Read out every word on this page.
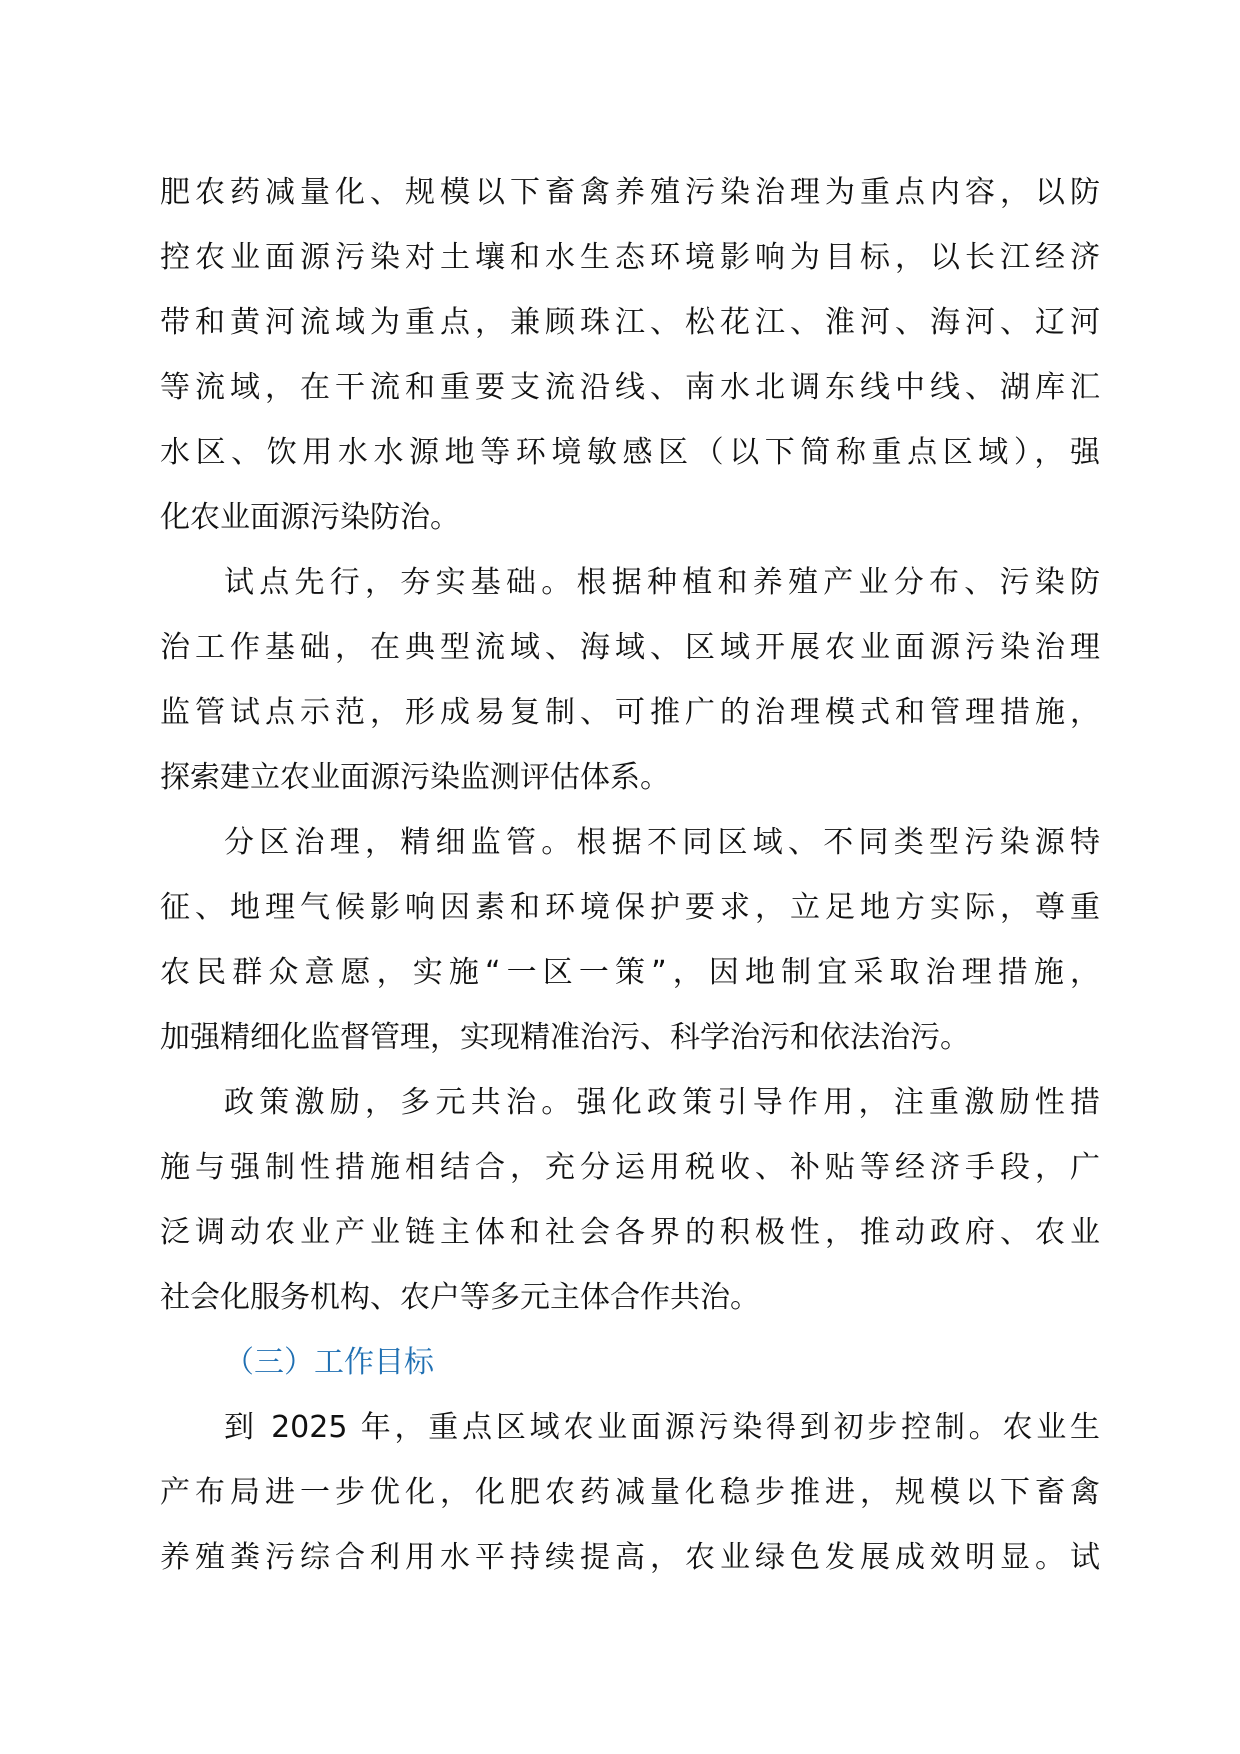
肥农药减量化、规模以下畜禽养殖污染治理为重点内容，以防
控农业面源污染对土壤和水生态环境影响为目标，以长江经济
带和黄河流域为重点，兼顾珠江、松花江、淮河、海河、辽河
等流域，在干流和重要支流沿线、南水北调东线中线、湖库汇
水区、饮用水水源地等环境敏感区（以下简称重点区域），强
化农业面源污染防治。
试点先行，夯实基础。根据种植和养殖产业分布、污染防
治工作基础，在典型流域、海域、区域开展农业面源污染治理
监管试点示范，形成易复制、可推广的治理模式和管理措施，
探索建立农业面源污染监测评估体系。
分区治理，精细监管。根据不同区域、不同类型污染源特
征、地理气候影响因素和环境保护要求，立足地方实际，尊重
农民群众意愿，实施“一区一策”，因地制宜采取治理措施，
加强精细化监督管理，实现精准治污、科学治污和依法治污。
政策激励，多元共治。强化政策引导作用，注重激励性措
施与强制性措施相结合，充分运用税收、补贴等经济手段，广
泛调动农业产业链主体和社会各界的积极性，推动政府、农业
社会化服务机构、农户等多元主体合作共治。
（三）工作目标
到 2025 年，重点区域农业面源污染得到初步控制。农业生
产布局进一步优化，化肥农药减量化稳步推进，规模以下畜禽
养殖粪污综合利用水平持续提高，农业绿色发展成效明显。试
